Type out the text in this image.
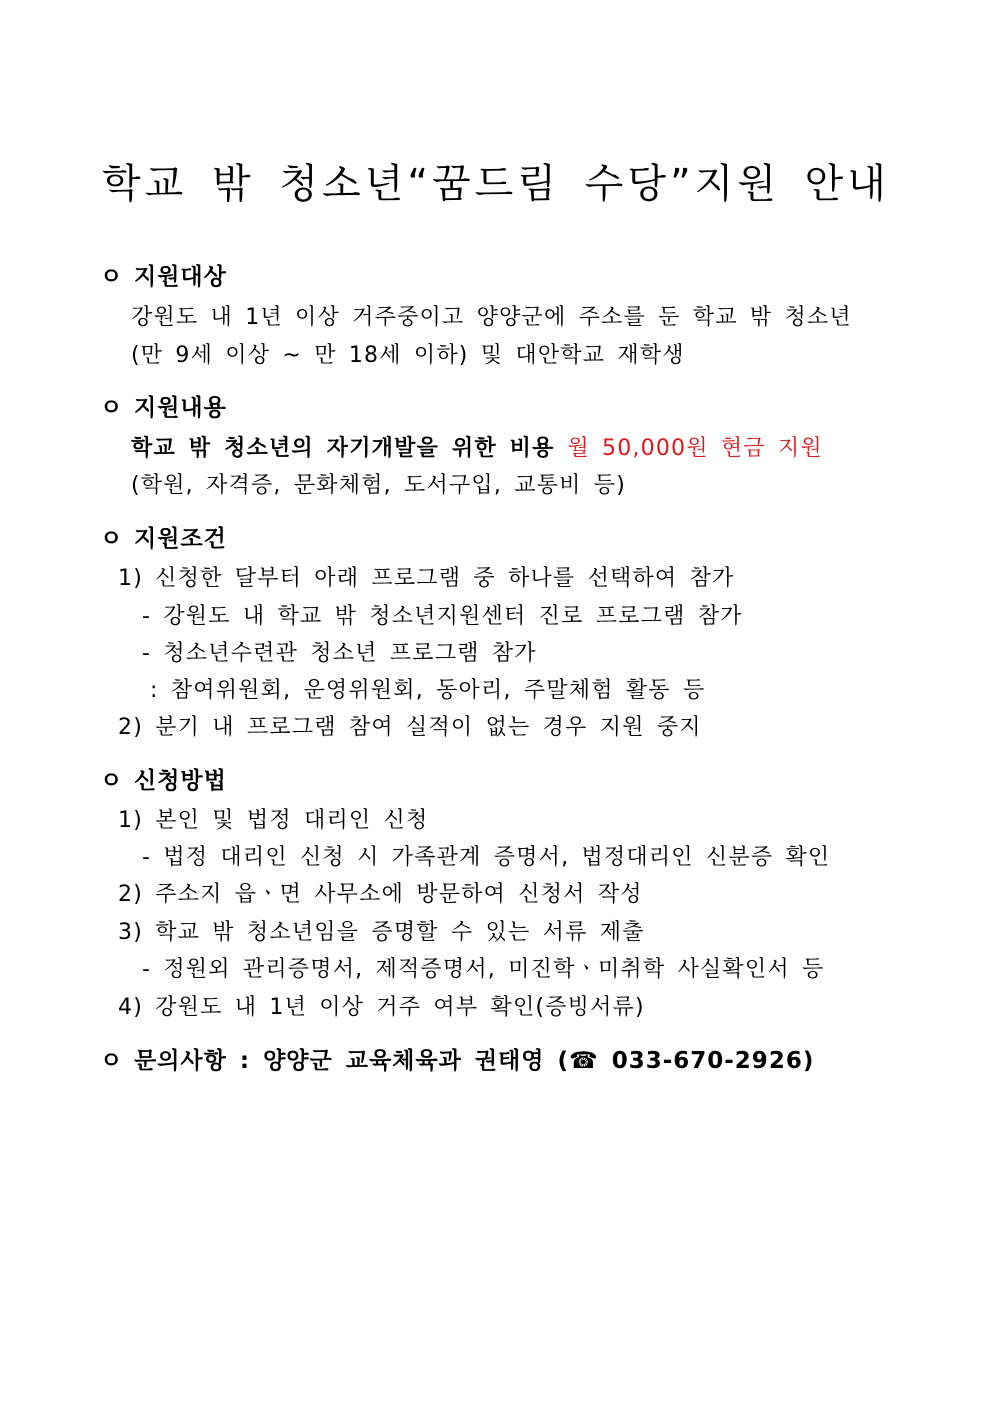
학교 밖 청소년“꿈드림 수당”지원 안내
ㅇ 지원대상
강원도 내 1년 이상 거주중이고 양양군에 주소를 둔 학교 밖 청소년
(만 9세 이상 ~ 만 18세 이하) 및 대안학교 재학생
ㅇ 지원내용
학교 밖 청소년의 자기개발을 위한 비용 월 50,000원 현금 지원
(학원, 자격증, 문화체험, 도서구입, 교통비 등)
ㅇ 지원조건
1) 신청한 달부터 아래 프로그램 중 하나를 선택하여 참가
- 강원도 내 학교 밖 청소년지원센터 진로 프로그램 참가
- 청소년수련관 청소년 프로그램 참가
: 참여위원회, 운영위원회, 동아리, 주말체험 활동 등
2) 분기 내 프로그램 참여 실적이 없는 경우 지원 중지
ㅇ 신청방법
1) 본인 및 법정 대리인 신청
- 법정 대리인 신청 시 가족관계 증명서, 법정대리인 신분증 확인
2) 주소지 읍ㆍ면 사무소에 방문하여 신청서 작성
3) 학교 밖 청소년임을 증명할 수 있는 서류 제출
- 정원외 관리증명서, 제적증명서, 미진학ㆍ미취학 사실확인서 등
4) 강원도 내 1년 이상 거주 여부 확인(증빙서류)
ㅇ 문의사항 : 양양군 교육체육과 권태영 (☎ 033-670-2926)
